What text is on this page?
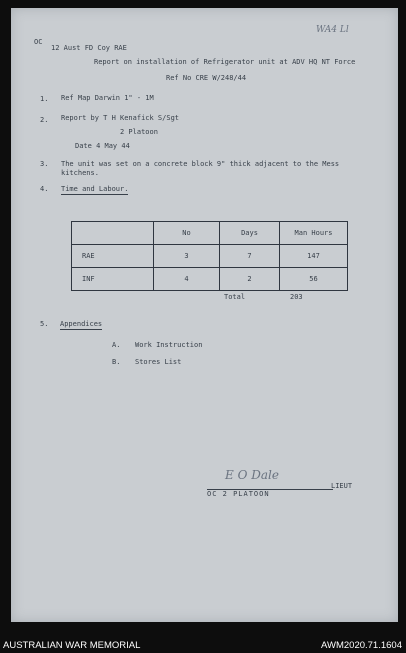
WA4 Ll
OC
12 Aust FD Coy RAE
Report on installation of Refrigerator unit at ADV HQ NT Force
Ref No CRE W/248/44
1. Ref Map Darwin 1" - 1M
2. Report by T H Kenafick S/Sgt
2 Platoon
Date 4 May 44
3. The unit was set on a concrete block 9" thick adjacent to the Mess
kitchens.
4. Time and Labour.
	No	Days	Man Hours
RAE	3	7	147
INF	4	2	56
Total	203
5. Appendices
A. Work Instruction
B. Stores List
E O Dale
LIEUT
OC 2 PLATOON
AUSTRALIAN WAR MEMORIAL	AWM2020.71.1604
